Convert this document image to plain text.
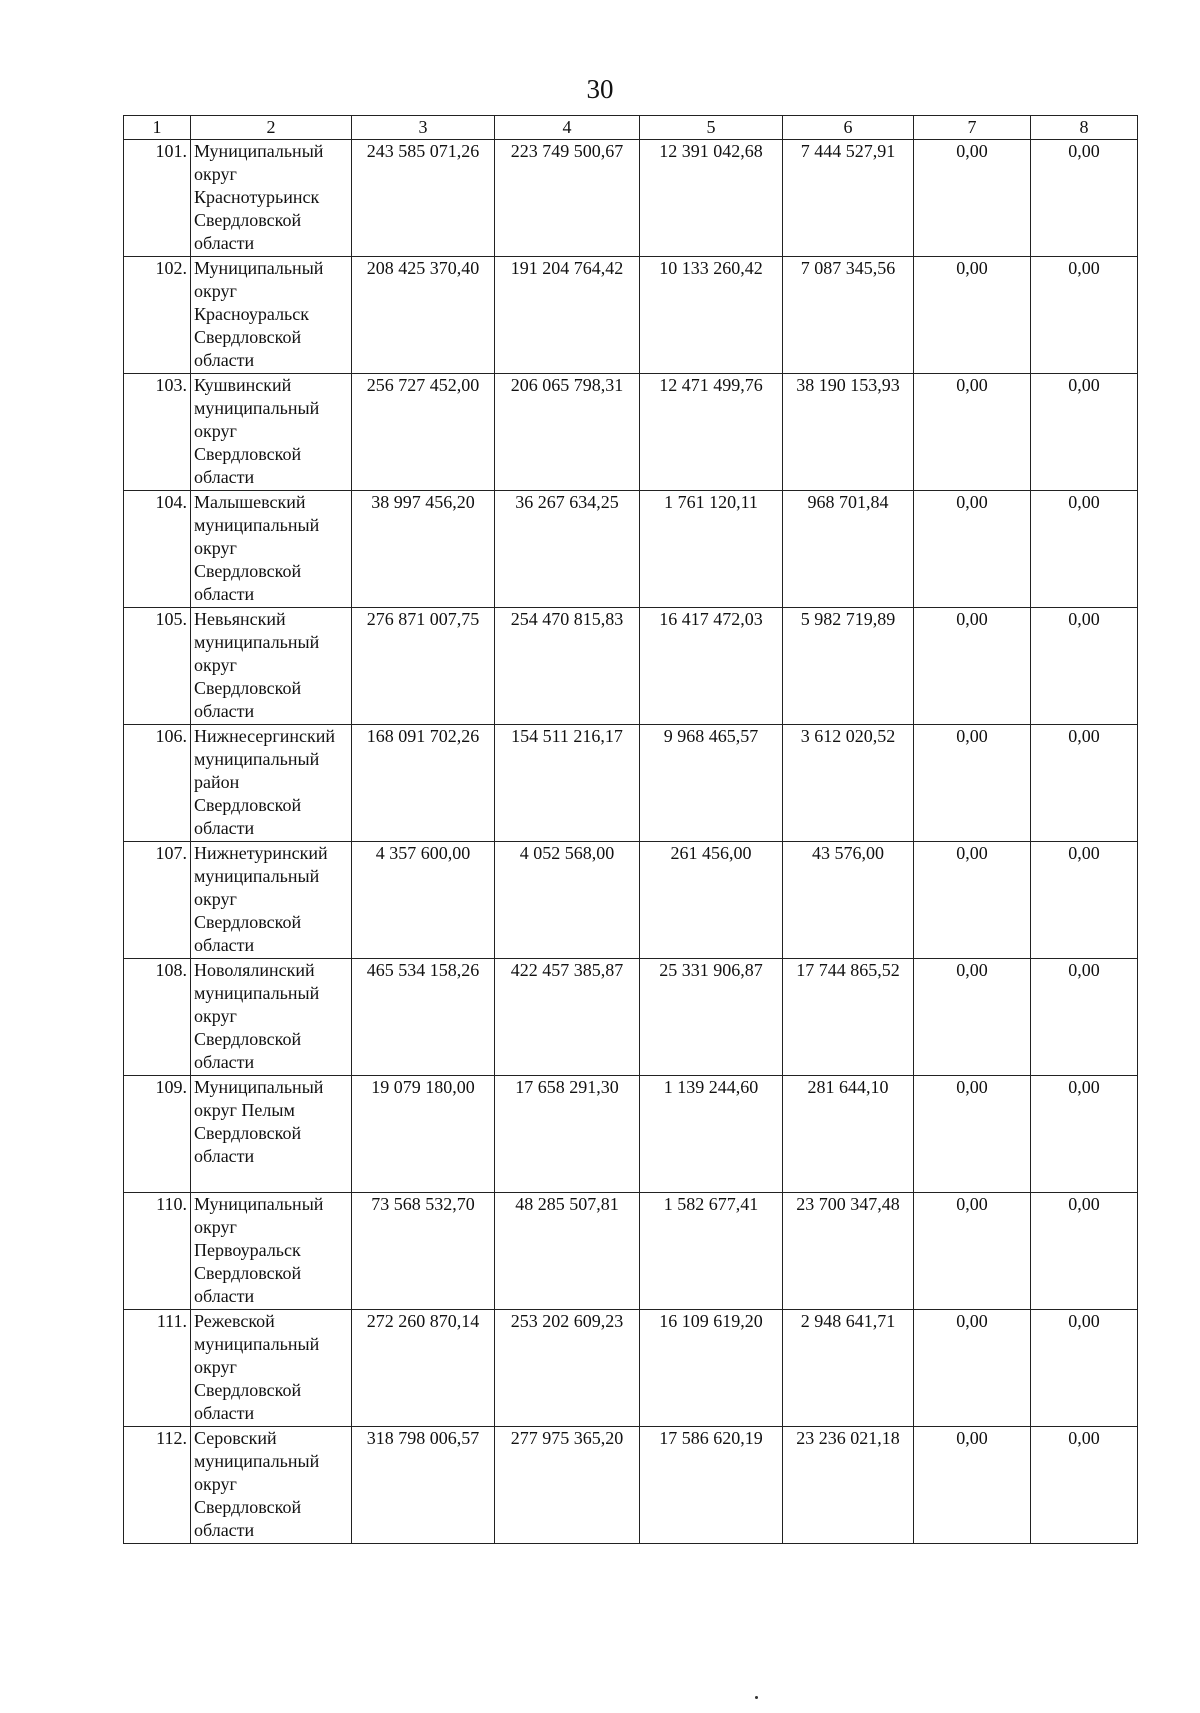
30
1	2	3	4	5	6	7	8
101.	Муниципальный округ Краснотурьинск Свердловской области	243 585 071,26	223 749 500,67	12 391 042,68	7 444 527,91	0,00	0,00
102.	Муниципальный округ Красноуральск Свердловской области	208 425 370,40	191 204 764,42	10 133 260,42	7 087 345,56	0,00	0,00
103.	Кушвинский муниципальный округ Свердловской области	256 727 452,00	206 065 798,31	12 471 499,76	38 190 153,93	0,00	0,00
104.	Малышевский муниципальный округ Свердловской области	38 997 456,20	36 267 634,25	1 761 120,11	968 701,84	0,00	0,00
105.	Невьянский муниципальный округ Свердловской области	276 871 007,75	254 470 815,83	16 417 472,03	5 982 719,89	0,00	0,00
106.	Нижнесергинский муниципальный район Свердловской области	168 091 702,26	154 511 216,17	9 968 465,57	3 612 020,52	0,00	0,00
107.	Нижнетуринский муниципальный округ Свердловской области	4 357 600,00	4 052 568,00	261 456,00	43 576,00	0,00	0,00
108.	Новолялинский муниципальный округ Свердловской области	465 534 158,26	422 457 385,87	25 331 906,87	17 744 865,52	0,00	0,00
109.	Муниципальный округ Пелым Свердловской области	19 079 180,00	17 658 291,30	1 139 244,60	281 644,10	0,00	0,00
110.	Муниципальный округ Первоуральск Свердловской области	73 568 532,70	48 285 507,81	1 582 677,41	23 700 347,48	0,00	0,00
111.	Режевской муниципальный округ Свердловской области	272 260 870,14	253 202 609,23	16 109 619,20	2 948 641,71	0,00	0,00
112.	Серовский муниципальный округ Свердловской области	318 798 006,57	277 975 365,20	17 586 620,19	23 236 021,18	0,00	0,00
